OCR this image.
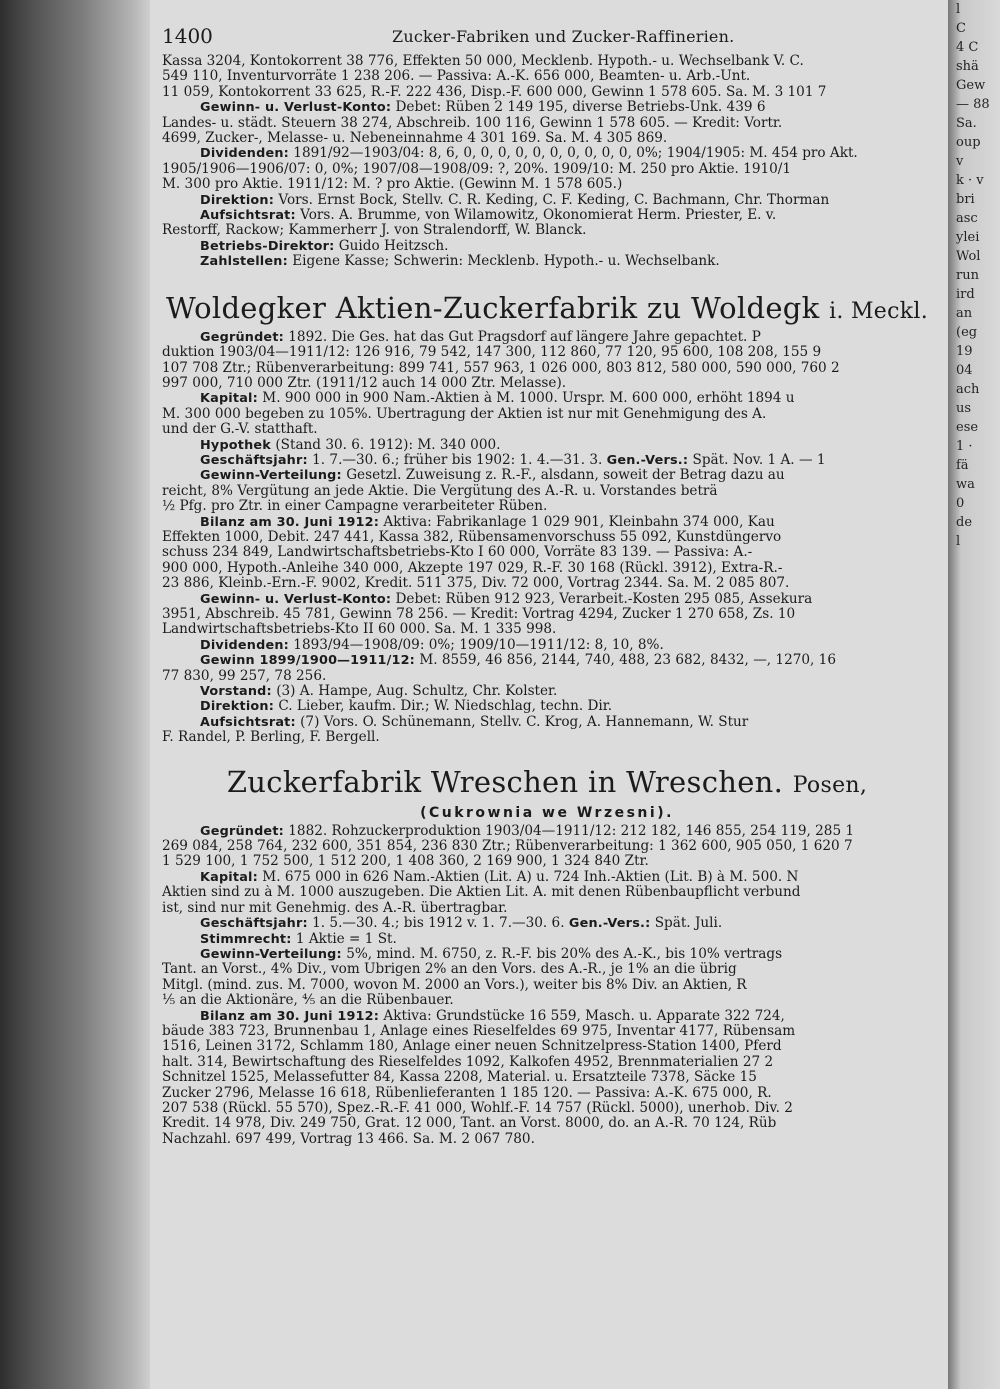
1400	Zucker-Fabriken und Zucker-Raffinerien.

Kassa 3204, Kontokorrent 38 776, Effekten 50 000, Mecklenb. Hypoth.- u. Wechselbank V. C.

549 110, Inventurvorräte 1 238 206. — Passiva: A.-K. 656 000, Beamten- u. Arb.-Unt.

11 059, Kontokorrent 33 625, R.-F. 222 436, Disp.-F. 600 000, Gewinn 1 578 605. Sa. M. 3 101 7

Gewinn- u. Verlust-Konto: Debet: Rüben 2 149 195, diverse Betriebs-Unk. 439 6

Landes- u. städt. Steuern 38 274, Abschreib. 100 116, Gewinn 1 578 605. — Kredit: Vortr.

4699, Zucker-, Melasse- u. Nebeneinnahme 4 301 169. Sa. M. 4 305 869.

Dividenden: 1891/92—1903/04: 8, 6, 0, 0, 0, 0, 0, 0, 0, 0, 0, 0, 0%; 1904/1905: M. 454 pro Akt.

1905/1906—1906/07: 0, 0%; 1907/08—1908/09: ?, 20%. 1909/10: M. 250 pro Aktie. 1910/1

M. 300 pro Aktie. 1911/12: M. ? pro Aktie. (Gewinn M. 1 578 605.)

Direktion: Vors. Ernst Bock, Stellv. C. R. Keding, C. F. Keding, C. Bachmann, Chr. Thorman

Aufsichtsrat: Vors. A. Brumme, von Wilamowitz, Ökonomierat Herm. Priester, E. v.

Restorff, Rackow; Kammerherr J. von Stralendorff, W. Blanck.

Betriebs-Direktor: Guido Heitzsch.

Zahlstellen: Eigene Kasse; Schwerin: Mecklenb. Hypoth.- u. Wechselbank.

Woldegker Aktien-Zuckerfabrik zu Woldegk i. Meckl.

Gegründet: 1892. Die Ges. hat das Gut Pragsdorf auf längere Jahre gepachtet. P

duktion 1903/04—1911/12: 126 916, 79 542, 147 300, 112 860, 77 120, 95 600, 108 208, 155 9

107 708 Ztr.; Rübenverarbeitung: 899 741, 557 963, 1 026 000, 803 812, 580 000, 590 000, 760 2

997 000, 710 000 Ztr. (1911/12 auch 14 000 Ztr. Melasse).

Kapital: M. 900 000 in 900 Nam.-Aktien à M. 1000. Urspr. M. 600 000, erhöht 1894 u

M. 300 000 begeben zu 105%. Übertragung der Aktien ist nur mit Genehmigung des A.

und der G.-V. statthaft.

Hypothek (Stand 30. 6. 1912): M. 340 000.

Geschäftsjahr: 1. 7.—30. 6.; früher bis 1902: 1. 4.—31. 3. Gen.-Vers.: Spät. Nov. 1 A. — 1

Gewinn-Verteilung: Gesetzl. Zuweisung z. R.-F., alsdann, soweit der Betrag dazu au

reicht, 8% Vergütung an jede Aktie. Die Vergütung des A.-R. u. Vorstandes beträ

½ Pfg. pro Ztr. in einer Campagne verarbeiteter Rüben.

Bilanz am 30. Juni 1912: Aktiva: Fabrikanlage 1 029 901, Kleinbahn 374 000, Kau

Effekten 1000, Debit. 247 441, Kassa 382, Rübensamenvorschuss 55 092, Kunstdüngervo

schuss 234 849, Landwirtschaftsbetriebs-Kto I 60 000, Vorräte 83 139. — Passiva: A.-

900 000, Hypoth.-Anleihe 340 000, Akzepte 197 029, R.-F. 30 168 (Rückl. 3912), Extra-R.-

23 886, Kleinb.-Ern.-F. 9002, Kredit. 511 375, Div. 72 000, Vortrag 2344. Sa. M. 2 085 807.

Gewinn- u. Verlust-Konto: Debet: Rüben 912 923, Verarbeit.-Kosten 295 085, Assekura

3951, Abschreib. 45 781, Gewinn 78 256. — Kredit: Vortrag 4294, Zucker 1 270 658, Zs. 10

Landwirtschaftsbetriebs-Kto II 60 000. Sa. M. 1 335 998.

Dividenden: 1893/94—1908/09: 0%; 1909/10—1911/12: 8, 10, 8%.

Gewinn 1899/1900—1911/12: M. 8559, 46 856, 2144, 740, 488, 23 682, 8432, —, 1270, 16

77 830, 99 257, 78 256.

Vorstand: (3) A. Hampe, Aug. Schultz, Chr. Kolster.

Direktion: C. Lieber, kaufm. Dir.; W. Niedschlag, techn. Dir.

Aufsichtsrat: (7) Vors. O. Schünemann, Stellv. C. Krog, A. Hannemann, W. Stur

F. Randel, P. Berling, F. Bergell.

Zuckerfabrik Wreschen in Wreschen. Posen,
(Cukrownia we Wrzesni).

Gegründet: 1882. Rohzuckerproduktion 1903/04—1911/12: 212 182, 146 855, 254 119, 285 1

269 084, 258 764, 232 600, 351 854, 236 830 Ztr.; Rübenverarbeitung: 1 362 600, 905 050, 1 620 7

1 529 100, 1 752 500, 1 512 200, 1 408 360, 2 169 900, 1 324 840 Ztr.

Kapital: M. 675 000 in 626 Nam.-Aktien (Lit. A) u. 724 Inh.-Aktien (Lit. B) à M. 500. N

Aktien sind zu à M. 1000 auszugeben. Die Aktien Lit. A. mit denen Rübenbaupflicht verbund

ist, sind nur mit Genehmig. des A.-R. übertragbar.

Geschäftsjahr: 1. 5.—30. 4.; bis 1912 v. 1. 7.—30. 6. Gen.-Vers.: Spät. Juli.

Stimmrecht: 1 Aktie = 1 St.

Gewinn-Verteilung: 5%, mind. M. 6750, z. R.-F. bis 20% des A.-K., bis 10% vertrags

Tant. an Vorst., 4% Div., vom Übrigen 2% an den Vors. des A.-R., je 1% an die übrig

Mitgl. (mind. zus. M. 7000, wovon M. 2000 an Vors.), weiter bis 8% Div. an Aktien, R

⅕ an die Aktionäre, ⅘ an die Rübenbauer.

Bilanz am 30. Juni 1912: Aktiva: Grundstücke 16 559, Masch. u. Apparate 322 724,

bäude 383 723, Brunnenbau 1, Anlage eines Rieselfeldes 69 975, Inventar 4177, Rübensam

1516, Leinen 3172, Schlamm 180, Anlage einer neuen Schnitzelpress-Station 1400, Pferd

halt. 314, Bewirtschaftung des Rieselfeldes 1092, Kalkofen 4952, Brennmaterialien 27 2

Schnitzel 1525, Melassefutter 84, Kassa 2208, Material. u. Ersatzteile 7378, Säcke 15

Zucker 2796, Melasse 16 618, Rübenlieferanten 1 185 120. — Passiva: A.-K. 675 000, R.

207 538 (Rückl. 55 570), Spez.-R.-F. 41 000, Wohlf.-F. 14 757 (Rückl. 5000), unerhob. Div. 2

Kredit. 14 978, Div. 249 750, Grat. 12 000, Tant. an Vorst. 8000, do. an A.-R. 70 124, Rüb

Nachzahl. 697 499, Vortrag 13 466. Sa. M. 2 067 780.

l
C
4 C
shä
Gew
— 88
Sa.
oup
v
k · v
bri
asc
ylei
Wol
run
ird
an
(eg
19
04
ach
us
ese
1 ·
fä
wa
0
de
l
